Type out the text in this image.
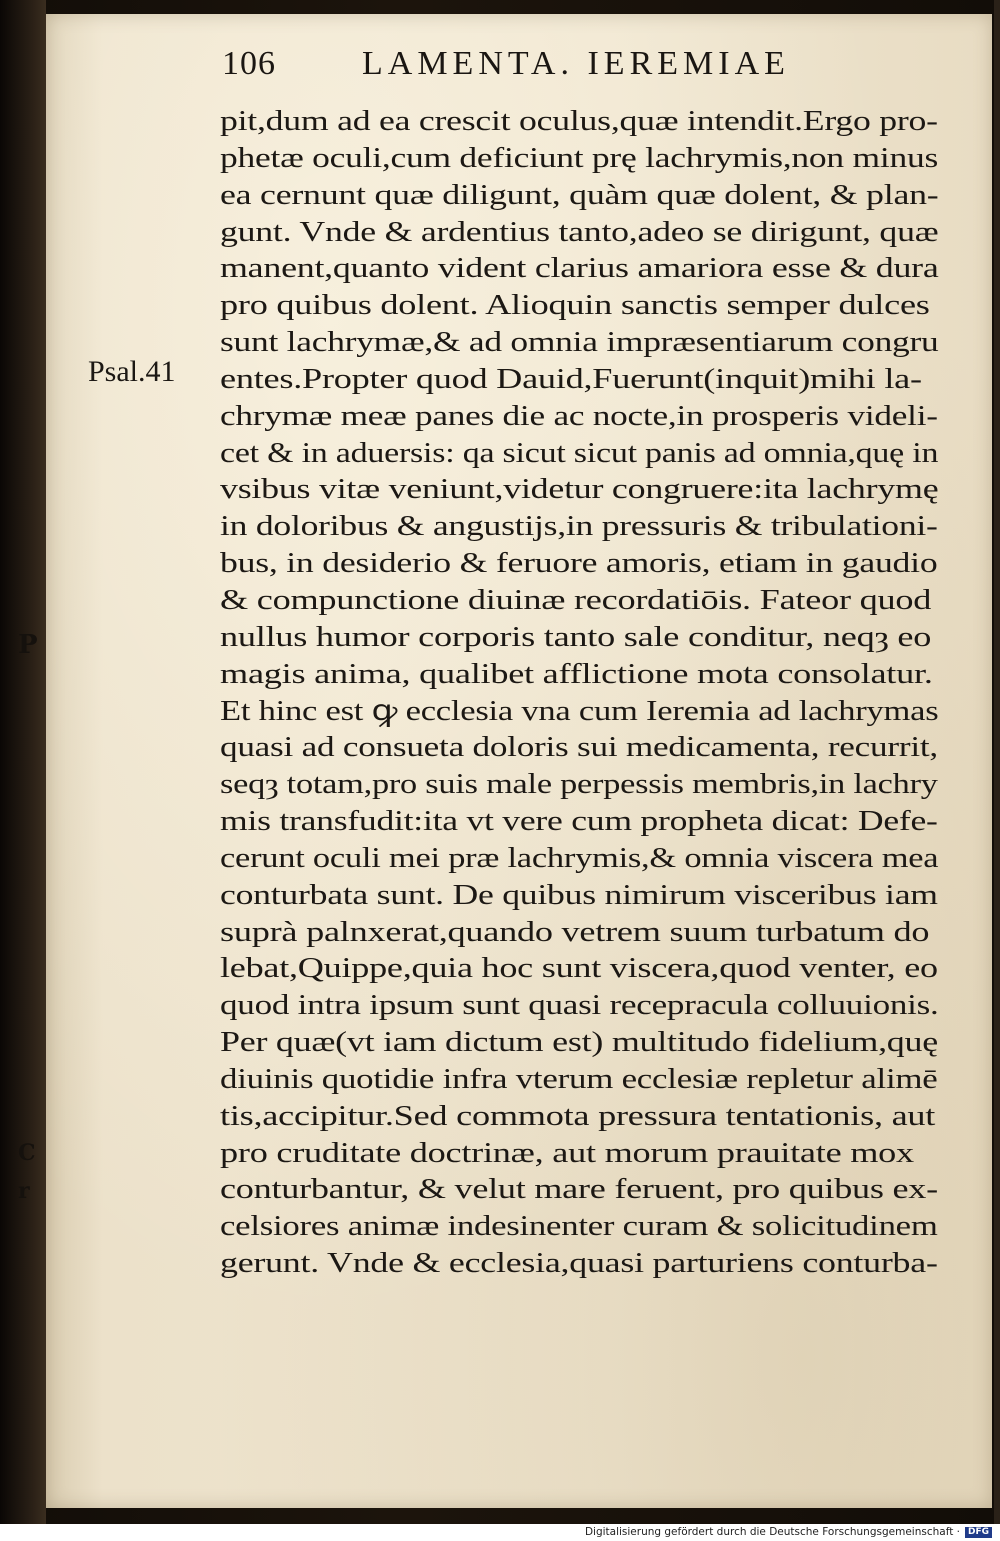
P
C
r
106	LAMENTA. IEREMIAE
Psal.41
pit,dum ad ea crescit oculus,quæ intendit.Ergo pro-
phetæ oculi,cum deficiunt prę lachrymis,non minus
ea cernunt quæ diligunt, quàm quæ dolent, & plan-
gunt. Vnde & ardentius tanto,adeo se dirigunt, quæ
manent,quanto vident clarius amariora esse & dura
pro quibus dolent. Alioquin sanctis semper dulces
sunt lachrymæ,& ad omnia impræsentiarum congru
entes.Propter quod Dauid,Fuerunt(inquit)mihi la-
chrymæ meæ panes die ac nocte,in prosperis videli-
cet & in aduersis: qa sicut sicut panis ad omnia,quę in
vsibus vitæ veniunt,videtur congruere:ita lachrymę
in doloribus & angustijs,in pressuris & tribulationi-
bus, in desiderio & feruore amoris, etiam in gaudio
& compunctione diuinæ recordatiōis. Fateor quod
nullus humor corporis tanto sale conditur, neqȝ eo
magis anima, qualibet afflictione mota consolatur.
Et hinc est ꝙ ecclesia vna cum Ieremia ad lachrymas
quasi ad consueta doloris sui medicamenta, recurrit,
seqȝ totam,pro suis male perpessis membris,in lachry
mis transfudit:ita vt vere cum propheta dicat: Defe-
cerunt oculi mei præ lachrymis,& omnia viscera mea
conturbata sunt. De quibus nimirum visceribus iam
suprà palnxerat,quando vetrem suum turbatum do
lebat,Quippe,quia hoc sunt viscera,quod venter, eo
quod intra ipsum sunt quasi recepracula colluuionis.
Per quæ(vt iam dictum est) multitudo fidelium,quę
diuinis quotidie infra vterum ecclesiæ repletur alimē
tis,accipitur.Sed commota pressura tentationis, aut
pro cruditate doctrinæ, aut morum prauitate mox
conturbantur, & velut mare feruent, pro quibus ex-
celsiores animæ indesinenter curam & solicitudinem
gerunt. Vnde & ecclesia,quasi parturiens conturba-
Digitalisierung gefördert durch die Deutsche Forschungsgemeinschaft · DFG
